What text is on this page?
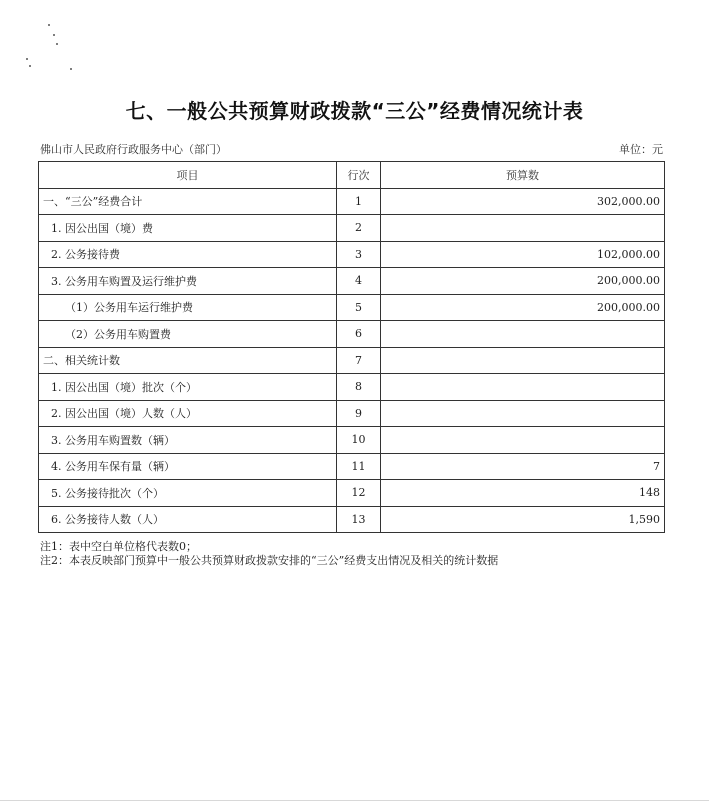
七、一般公共预算财政拨款“三公”经费情况统计表
佛山市人民政府行政服务中心（部门）	单位：元
项目	行次	预算数
一、“三公”经费合计	1	302,000.00
1. 因公出国（境）费	2	
2. 公务接待费	3	102,000.00
3. 公务用车购置及运行维护费	4	200,000.00
（1）公务用车运行维护费	5	200,000.00
（2）公务用车购置费	6	
二、相关统计数	7	
1. 因公出国（境）批次（个）	8	
2. 因公出国（境）人数（人）	9	
3. 公务用车购置数（辆）	10	
4. 公务用车保有量（辆）	11	7
5. 公务接待批次（个）	12	148
6. 公务接待人数（人）	13	1,590
注1：表中空白单位格代表数0；
注2：本表反映部门预算中一般公共预算财政拨款安排的“三公”经费支出情况及相关的统计数据
